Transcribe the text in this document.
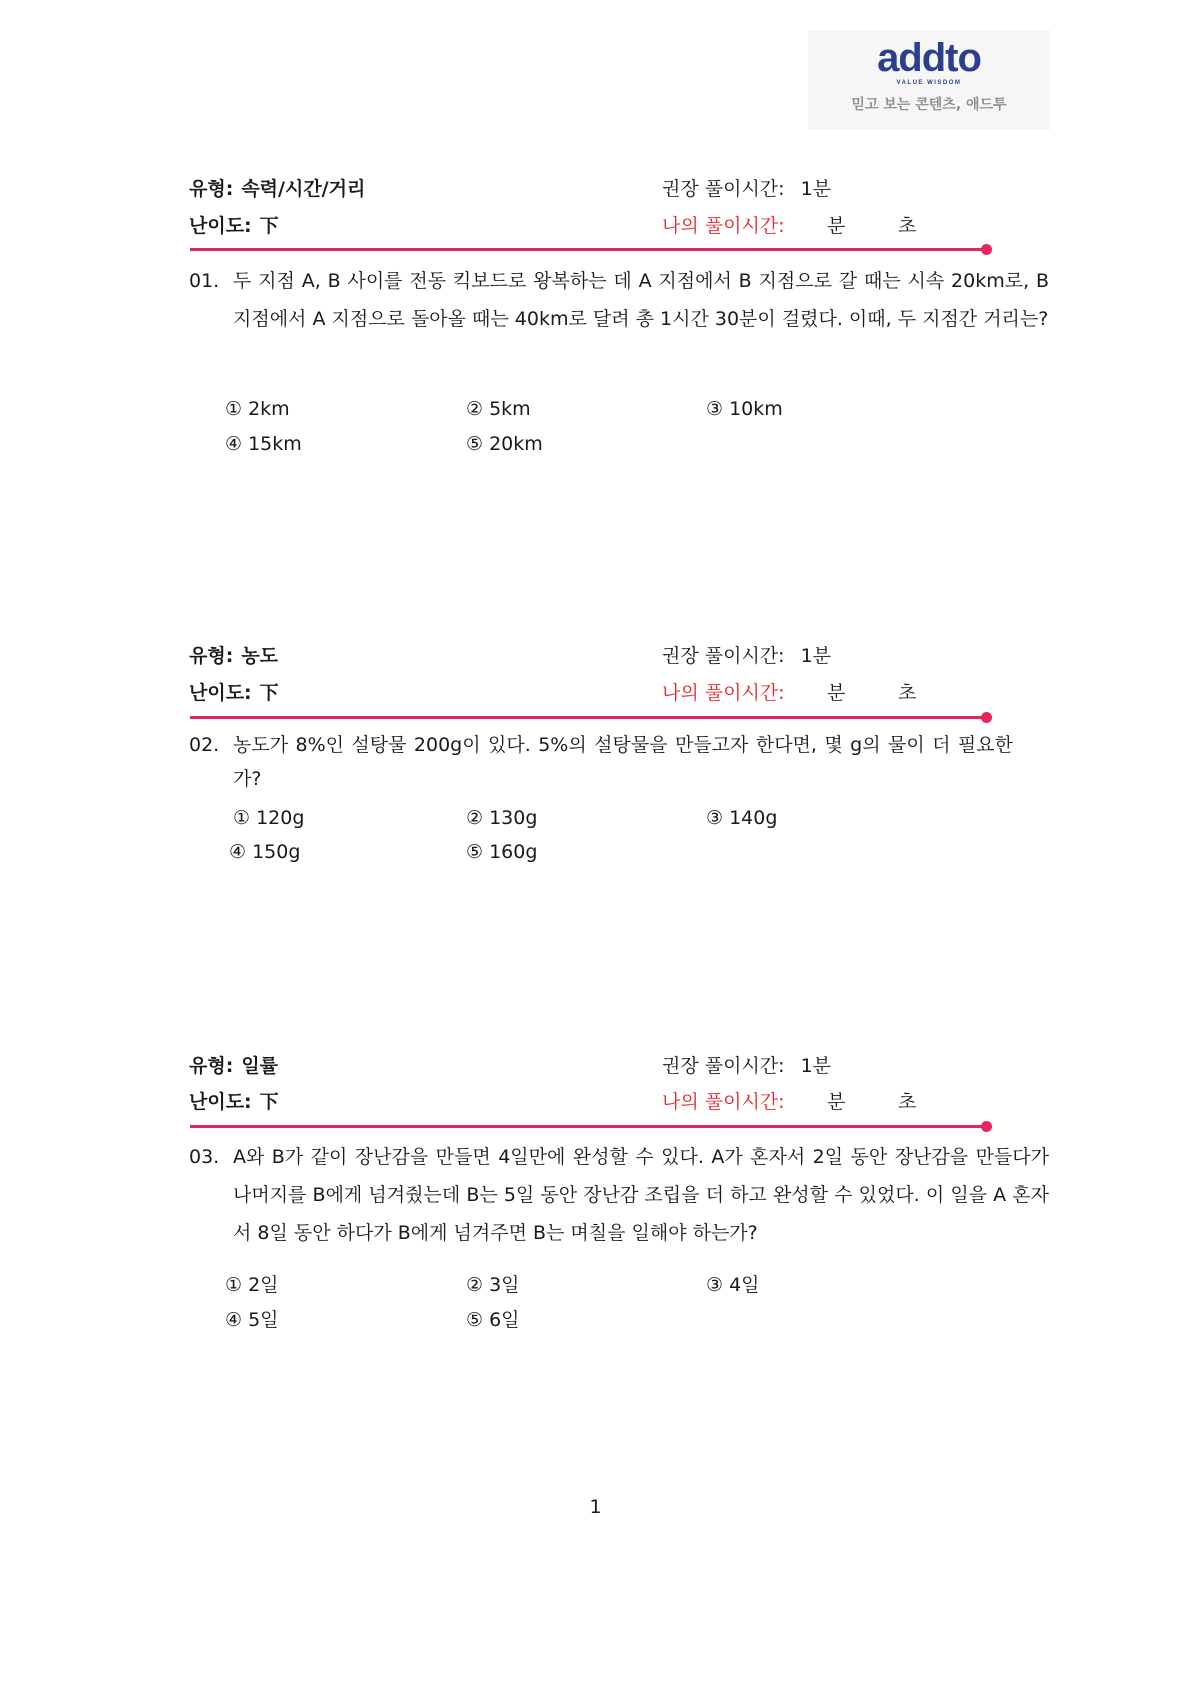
addto
VALUE WISDOM
믿고 보는 콘텐츠, 애드투
유형: 속력/시간/거리	권장 풀이시간: 1분
난이도: 下	나의 풀이시간: 분	초
01. 두 지점 A, B 사이를 전동 킥보드로 왕복하는 데 A 지점에서 B 지점으로 갈 때는 시속 20km로, B 지점에서 A 지점으로 돌아올 때는 40km로 달려 총 1시간 30분이 걸렸다. 이때, 두 지점간 거리는?
① 2km	② 5km	③ 10km
④ 15km	⑤ 20km
유형: 농도	권장 풀이시간: 1분
난이도: 下	나의 풀이시간: 분	초
02. 농도가 8%인 설탕물 200g이 있다. 5%의 설탕물을 만들고자 한다면, 몇 g의 물이 더 필요한가?
① 120g	② 130g	③ 140g
④ 150g	⑤ 160g
유형: 일률	권장 풀이시간: 1분
난이도: 下	나의 풀이시간: 분	초
03. A와 B가 같이 장난감을 만들면 4일만에 완성할 수 있다. A가 혼자서 2일 동안 장난감을 만들다가 나머지를 B에게 넘겨줬는데 B는 5일 동안 장난감 조립을 더 하고 완성할 수 있었다. 이 일을 A 혼자서 8일 동안 하다가 B에게 넘겨주면 B는 며칠을 일해야 하는가?
① 2일	② 3일	③ 4일
④ 5일	⑤ 6일
1
